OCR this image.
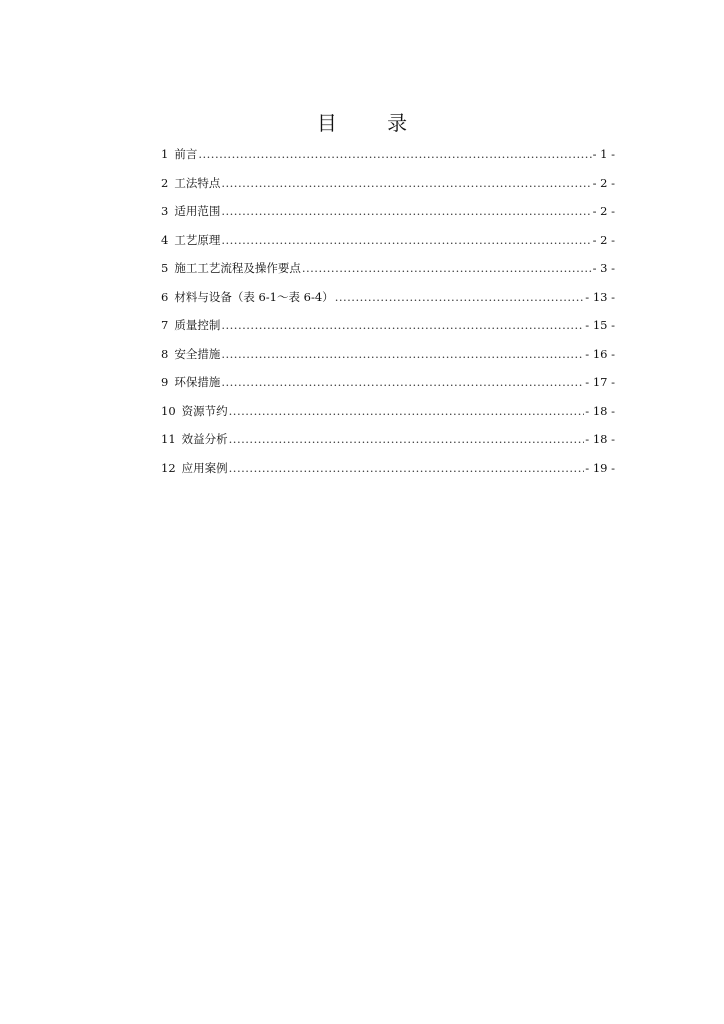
目 录
1 前言 .....	- 1 -
2 工法特点 .....	- 2 -
3 适用范围 .....	- 2 -
4 工艺原理 .....	- 2 -
5 施工工艺流程及操作要点 .....	- 3 -
6 材料与设备（表 6-1～表 6-4） .....	- 13 -
7 质量控制 .....	- 15 -
8 安全措施 .....	- 16 -
9 环保措施 .....	- 17 -
10 资源节约 .....	- 18 -
11 效益分析 .....	- 18 -
12 应用案例 .....	- 19 -
